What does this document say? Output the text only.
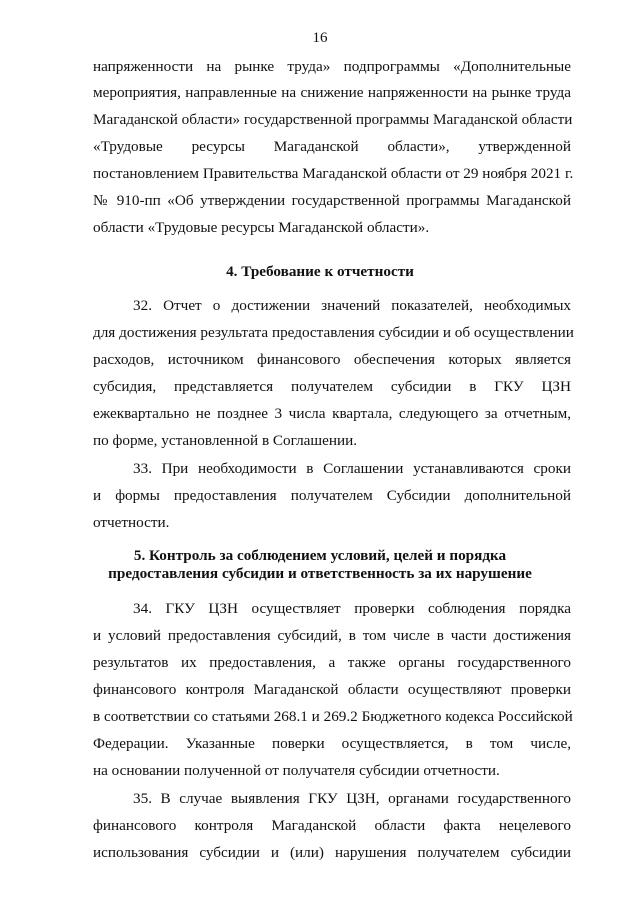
16
напряженности на рынке труда» подпрограммы «Дополнительные
мероприятия, направленные на снижение напряженности на рынке труда
Магаданской области» государственной программы Магаданской области
«Трудовые ресурсы Магаданской области», утвержденной
постановлением Правительства Магаданской области от 29 ноября 2021 г.
№ 910-пп «Об утверждении государственной программы Магаданской
области «Трудовые ресурсы Магаданской области».
4. Требование к отчетности
32. Отчет о достижении значений показателей, необходимых
для достижения результата предоставления субсидии и об осуществлении
расходов, источником финансового обеспечения которых является
субсидия, представляется получателем субсидии в ГКУ ЦЗН
ежеквартально не позднее 3 числа квартала, следующего за отчетным,
по форме, установленной в Соглашении.
33. При необходимости в Соглашении устанавливаются сроки
и формы предоставления получателем Субсидии дополнительной
отчетности.
5. Контроль за соблюдением условий, целей и порядка
предоставления субсидии и ответственность за их нарушение
34. ГКУ ЦЗН осуществляет проверки соблюдения порядка
и условий предоставления субсидий, в том числе в части достижения
результатов их предоставления, а также органы государственного
финансового контроля Магаданской области осуществляют проверки
в соответствии со статьями 268.1 и 269.2 Бюджетного кодекса Российской
Федерации. Указанные поверки осуществляется, в том числе,
на основании полученной от получателя субсидии отчетности.
35. В случае выявления ГКУ ЦЗН, органами государственного
финансового контроля Магаданской области факта нецелевого
использования субсидии и (или) нарушения получателем субсидии
